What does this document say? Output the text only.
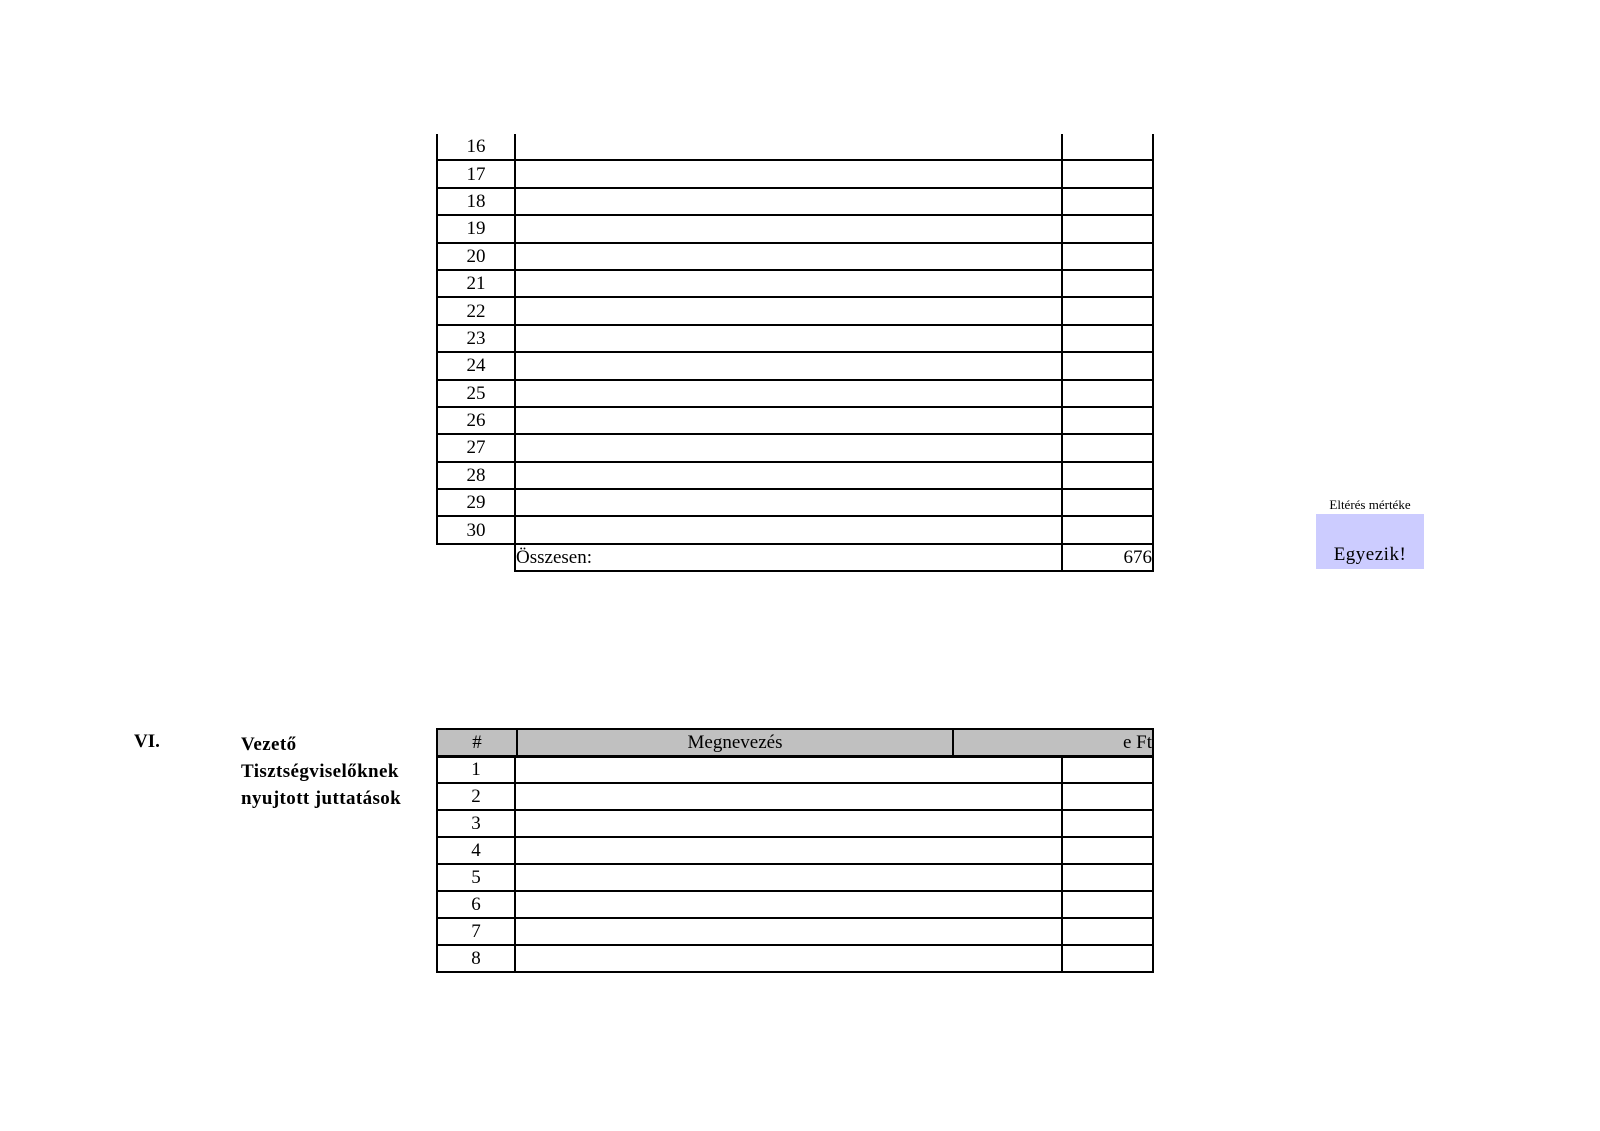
16		
17		
18		
19		
20		
21		
22		
23		
24		
25		
26		
27		
28		
29		
30		
	Összesen:	676
Eltérés mértéke
Egyezik!
VI.	Vezető
Tisztségviselőknek
nyujtott juttatások
#	Megnevezés	e Ft
1		
2		
3		
4		
5		
6		
7		
8		
